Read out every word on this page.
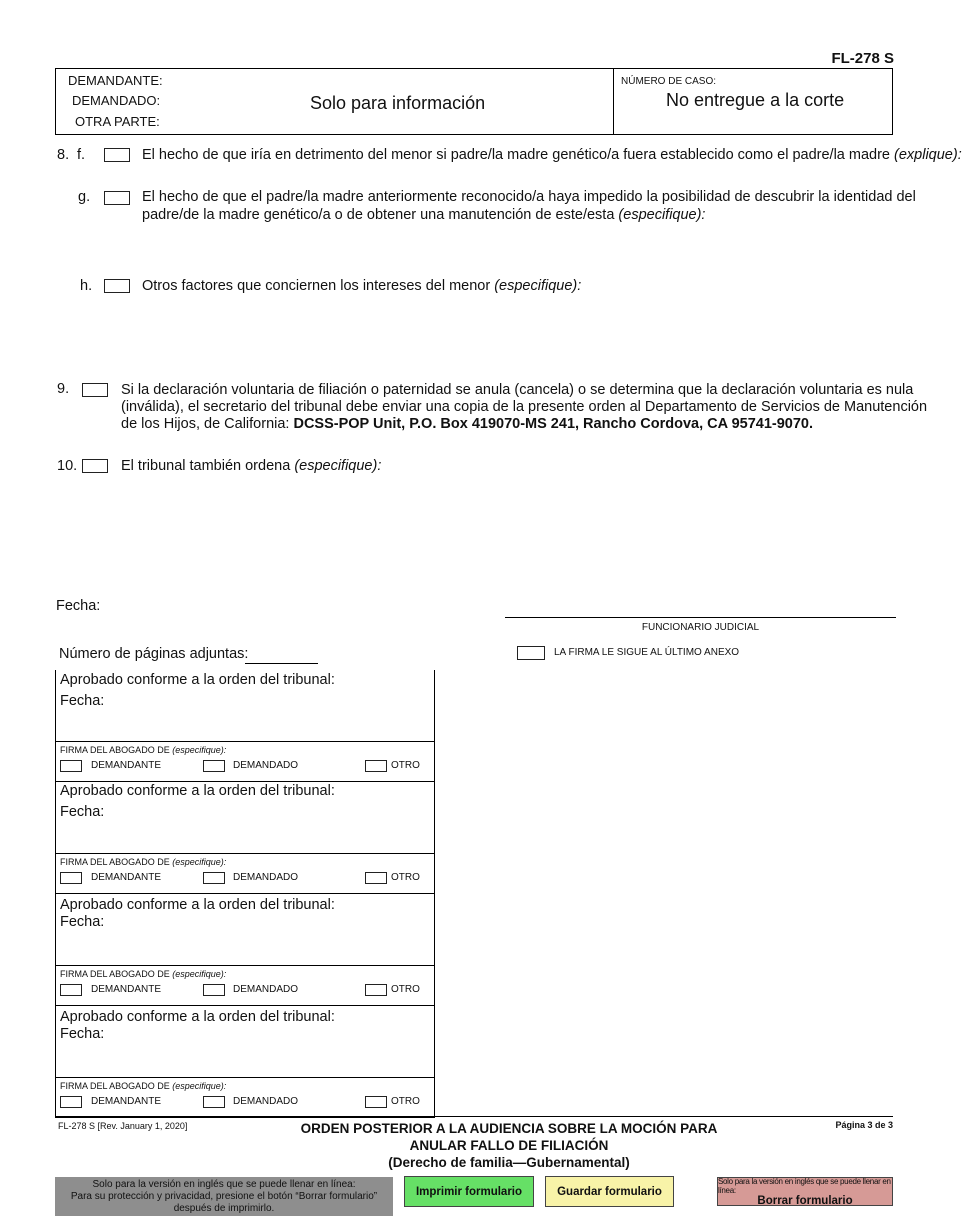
FL-278 S
DEMANDANTE:
DEMANDADO:
OTRA PARTE:
Solo para información
NÚMERO DE CASO:
No entregue a la corte
8. f.	El hecho de que iría en detrimento del menor si padre/la madre genético/a fuera establecido como el padre/la madre (explique):
g.	El hecho de que el padre/la madre anteriormente reconocido/a haya impedido la posibilidad de descubrir la identidad del
padre/de la madre genético/a o de obtener una manutención de este/esta (especifique):
h.	Otros factores que conciernen los intereses del menor (especifique):
9.	Si la declaración voluntaria de filiación o paternidad se anula (cancela) o se determina que la declaración voluntaria es nula
(inválida), el secretario del tribunal debe enviar una copia de la presente orden al Departamento de Servicios de Manutención
de los Hijos, de California: DCSS-POP Unit, P.O. Box 419070-MS 241, Rancho Cordova, CA 95741-9070.
10.	El tribunal también ordena (especifique):
Fecha:
FUNCIONARIO JUDICIAL
LA FIRMA LE SIGUE AL ÚLTIMO ANEXO
Número de páginas adjuntas:
Aprobado conforme a la orden del tribunal:
Fecha:
FIRMA DEL ABOGADO DE (especifique):
DEMANDANTE	DEMANDADO	OTRO
Aprobado conforme a la orden del tribunal:
Fecha:
FIRMA DEL ABOGADO DE (especifique):
DEMANDANTE	DEMANDADO	OTRO
Aprobado conforme a la orden del tribunal:
Fecha:
FIRMA DEL ABOGADO DE (especifique):
DEMANDANTE	DEMANDADO	OTRO
Aprobado conforme a la orden del tribunal:
Fecha:
FIRMA DEL ABOGADO DE (especifique):
DEMANDANTE	DEMANDADO	OTRO
FL-278 S [Rev. January 1, 2020]	ORDEN POSTERIOR A LA AUDIENCIA SOBRE LA MOCIÓN PARA
ANULAR FALLO DE FILIACIÓN
(Derecho de familia—Gubernamental)
Página 3 de 3
Solo para la versión en inglés que se puede llenar en línea:
Para su protección y privacidad, presione el botón “Borrar formulario”
después de imprimirlo.
Imprimir formulario	Guardar formulario
Solo para la versión en inglés que se puede llenar en línea:
Borrar formulario
